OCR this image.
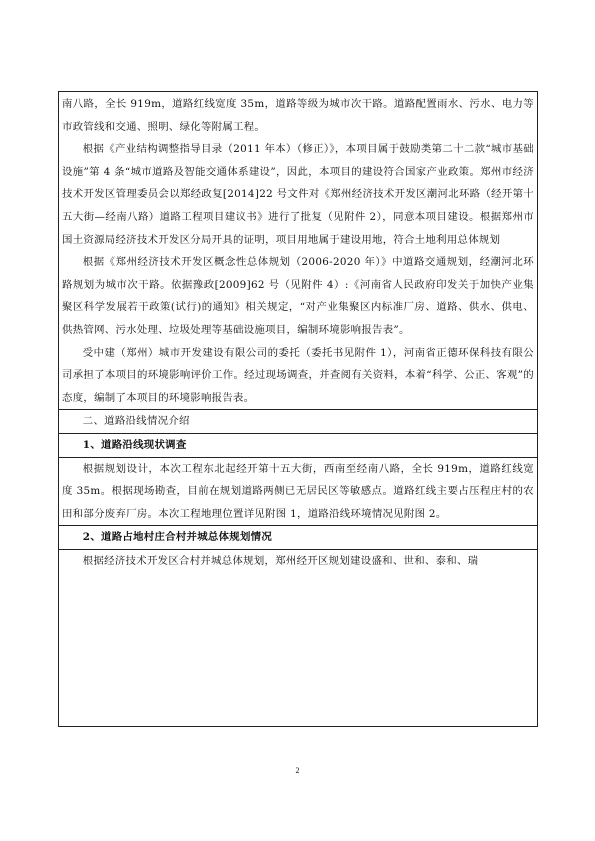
南八路，全长 919m，道路红线宽度 35m，道路等级为城市次干路。道路配置雨水、污水、电力等市政管线和交通、照明、绿化等附属工程。

根据《产业结构调整指导目录（2011 年本）（修正）》，本项目属于鼓励类第二十二款“城市基础设施”第 4 条“城市道路及智能交通体系建设”，因此，本项目的建设符合国家产业政策。郑州市经济技术开发区管理委员会以郑经政复[2014]22 号文件对《郑州经济技术开发区潮河北环路（经开第十五大街—经南八路）道路工程项目建议书》进行了批复（见附件 2），同意本项目建设。根据郑州市国土资源局经济技术开发区分局开具的证明，项目用地属于建设用地，符合土地利用总体规划

根据《郑州经济技术开发区概念性总体规划（2006-2020 年）》中道路交通规划，经潮河北环路规划为城市次干路。依据豫政[2009]62 号（见附件 4）:《河南省人民政府印发关于加快产业集聚区科学发展若干政策(试行)的通知》相关规定，“对产业集聚区内标准厂房、道路、供水、供电、供热管网、污水处理、垃圾处理等基础设施项目，编制环境影响报告表”。

受中建（郑州）城市开发建设有限公司的委托（委托书见附件 1），河南省正德环保科技有限公司承担了本项目的环境影响评价工作。经过现场调查，并查阅有关资料，本着“科学、公正、客观”的态度，编制了本项目的环境影响报告表。

二、道路沿线情况介绍

1、道路沿线现状调查

根据规划设计，本次工程东北起经开第十五大街，西南至经南八路，全长 919m，道路红线宽度 35m。根据现场勘查，目前在规划道路两侧已无居民区等敏感点。道路红线主要占压程庄村的农田和部分废弃厂房。本次工程地理位置详见附图 1，道路沿线环境情况见附图 2。

2、道路占地村庄合村并城总体规划情况

根据经济技术开发区合村并城总体规划，郑州经开区规划建设盛和、世和、泰和、瑞

2
